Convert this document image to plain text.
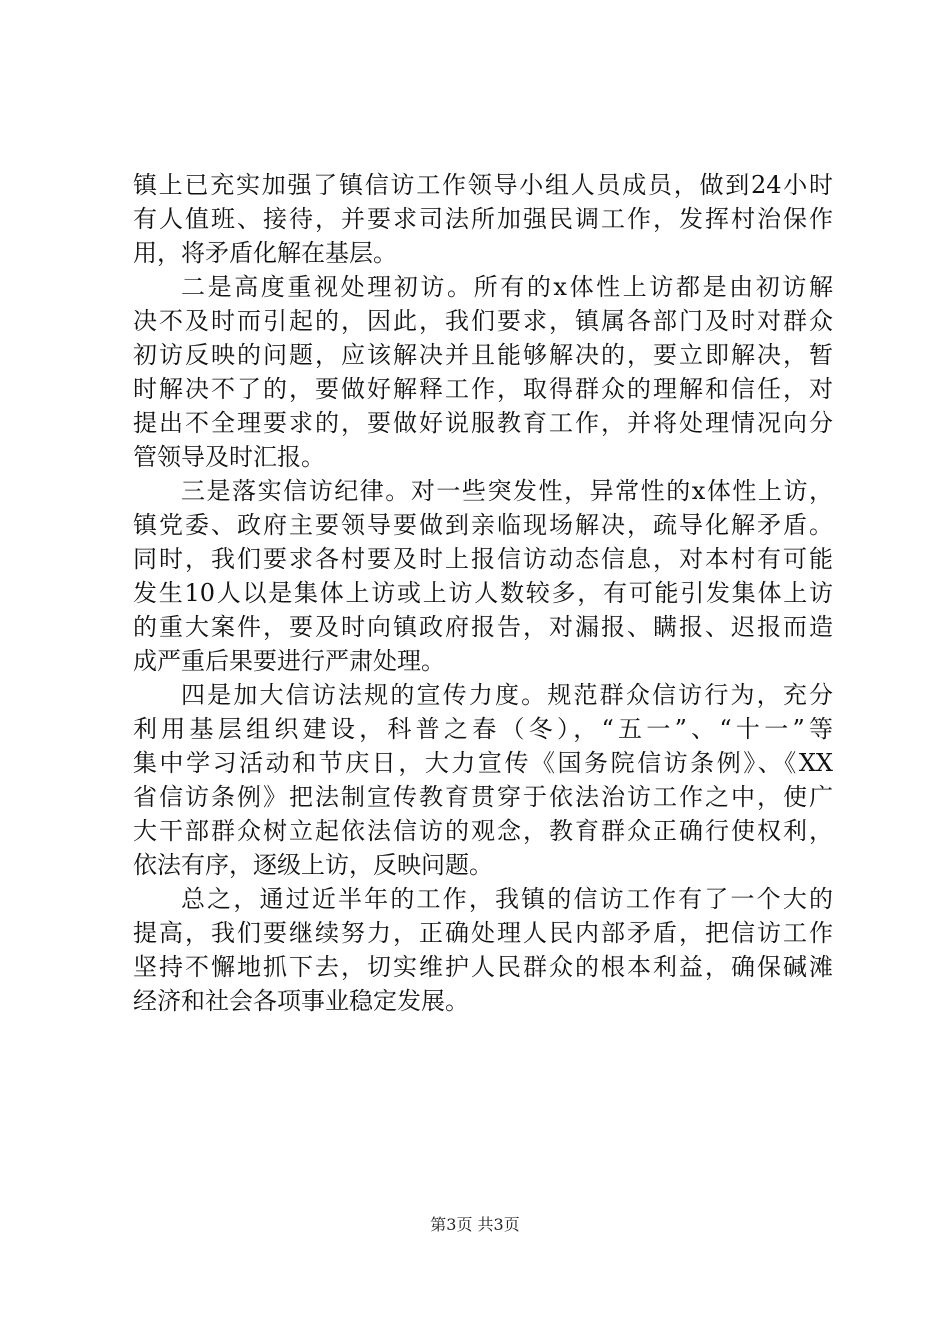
镇上已充实加强了镇信访工作领导小组人员成员，做到24小时
有人值班、接待，并要求司法所加强民调工作，发挥村治保作
用，将矛盾化解在基层。
二是高度重视处理初访。所有的x体性上访都是由初访解
决不及时而引起的，因此，我们要求，镇属各部门及时对群众
初访反映的问题，应该解决并且能够解决的，要立即解决，暂
时解决不了的，要做好解释工作，取得群众的理解和信任，对
提出不全理要求的，要做好说服教育工作，并将处理情况向分
管领导及时汇报。
三是落实信访纪律。对一些突发性，异常性的x体性上访，
镇党委、政府主要领导要做到亲临现场解决，疏导化解矛盾。
同时，我们要求各村要及时上报信访动态信息，对本村有可能
发生10人以是集体上访或上访人数较多，有可能引发集体上访
的重大案件，要及时向镇政府报告，对漏报、瞒报、迟报而造
成严重后果要进行严肃处理。
四是加大信访法规的宣传力度。规范群众信访行为，充分
利用基层组织建设，科普之春（冬），“五一”、“十一”等
集中学习活动和节庆日，大力宣传《国务院信访条例》、《XX
省信访条例》把法制宣传教育贯穿于依法治访工作之中，使广
大干部群众树立起依法信访的观念，教育群众正确行使权利，
依法有序，逐级上访，反映问题。
总之，通过近半年的工作，我镇的信访工作有了一个大的
提高，我们要继续努力，正确处理人民内部矛盾，把信访工作
坚持不懈地抓下去，切实维护人民群众的根本利益，确保碱滩
经济和社会各项事业稳定发展。
第3页 共3页
